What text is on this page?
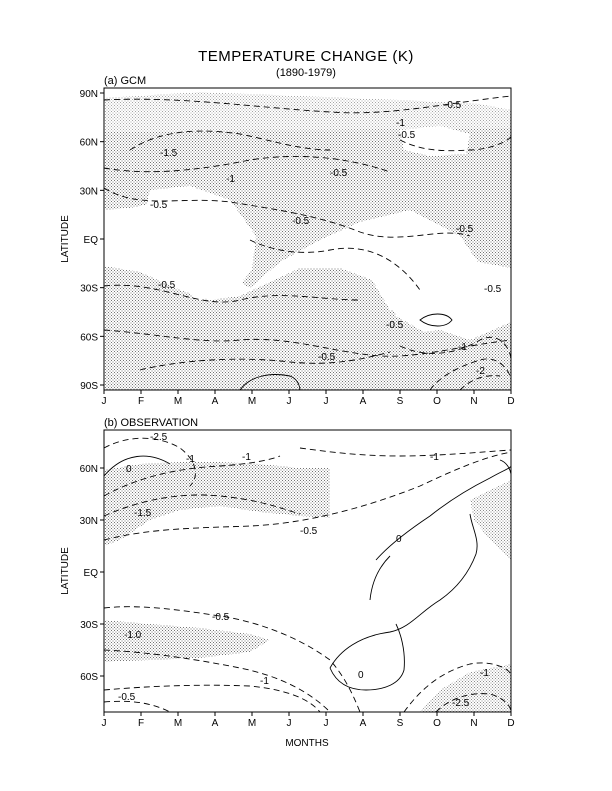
TEMPERATURE CHANGE (K)
(1890-1979)
(a) GCM
-0.5
-1.5
-1
-0.5
-0.5
-0.5
-0.5
-0.5
-1
-0.5
-0.5
-0.5
-0.5
-1
-2
90N
60N
30N
EQ
30S
60S
90S
LATITUDE
J	F	M	A	M	J	J	A	S	O	N	D
(b) OBSERVATION
-2.5
0
-1	-1	-1
-1.5
-0.5
0
-0.5
-1.0
0
-1
-0.5
-1
-2.5
60N
30N
EQ
30S
60S
LATITUDE
J	F	M	A	M	J	J	A	S	O	N	D
MONTHS
